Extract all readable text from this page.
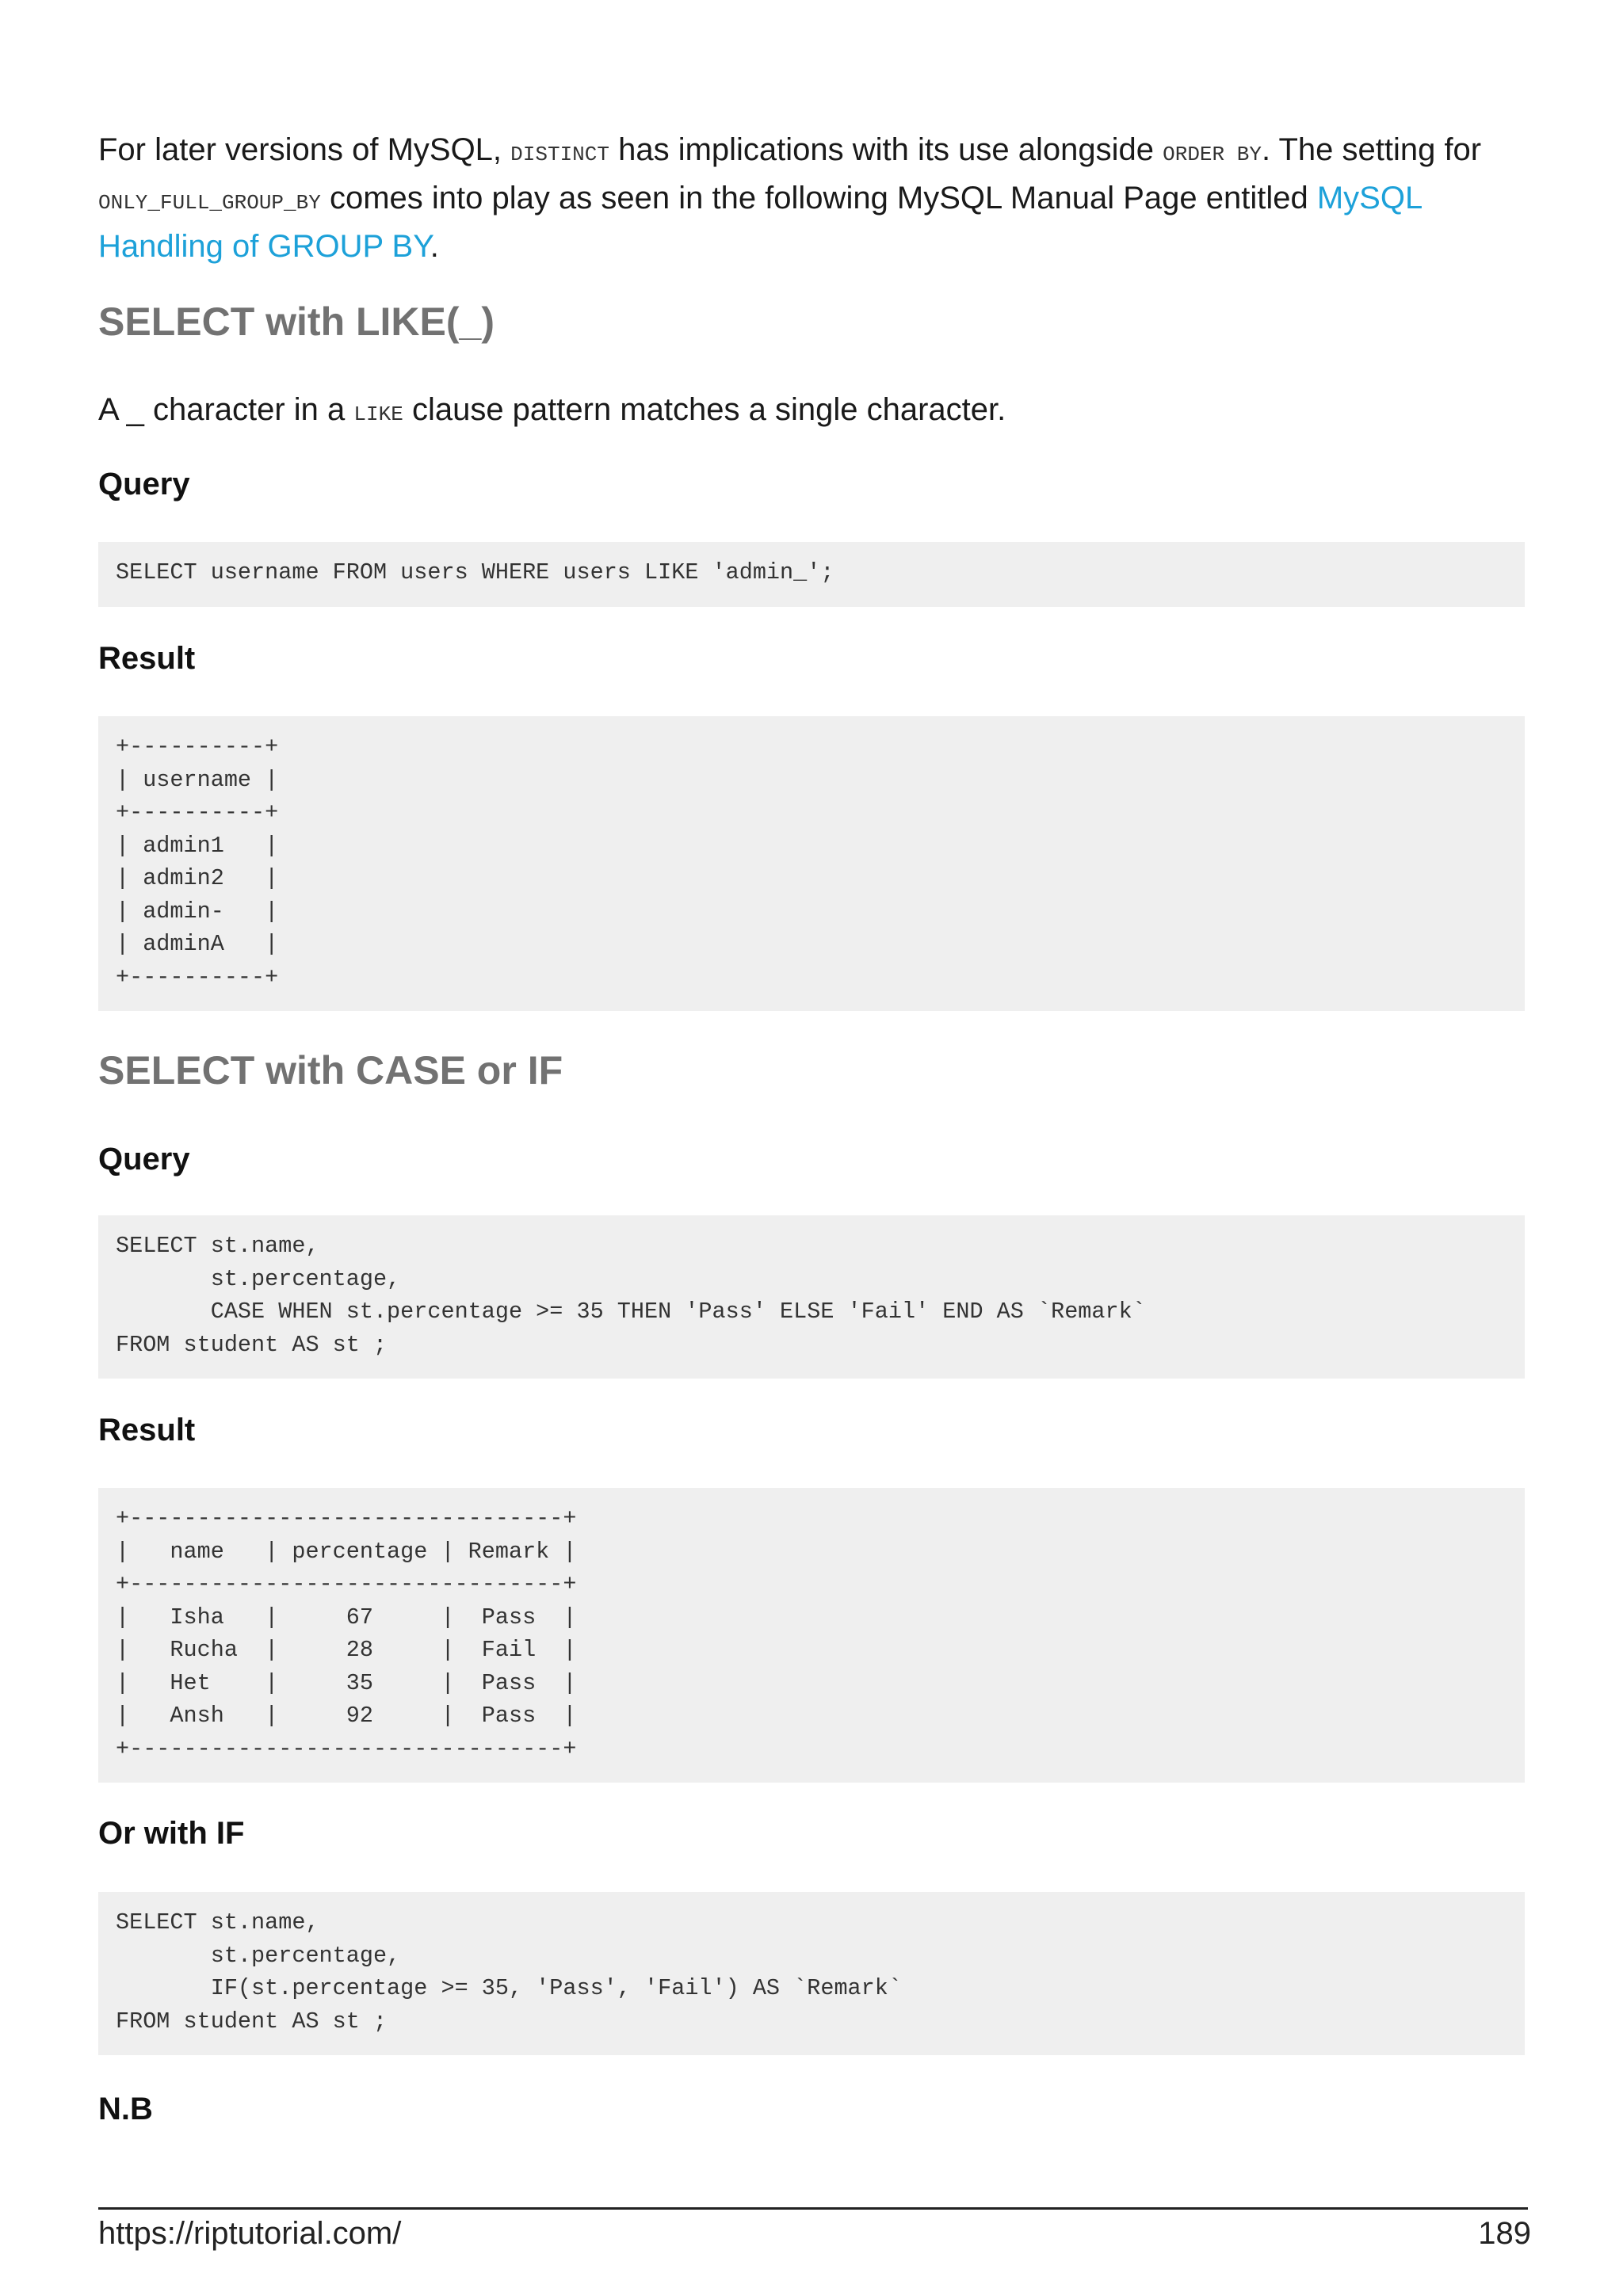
For later versions of MySQL, DISTINCT has implications with its use alongside ORDER BY. The setting for ONLY_FULL_GROUP_BY comes into play as seen in the following MySQL Manual Page entitled MySQL Handling of GROUP BY.

SELECT with LIKE(_)

A _ character in a LIKE clause pattern matches a single character.

Query
SELECT username FROM users WHERE users LIKE 'admin_';
Result
+----------+
| username |
+----------+
| admin1   |
| admin2   |
| admin-   |
| adminA   |
+----------+
SELECT with CASE or IF
Query
SELECT st.name,
st.percentage,
CASE WHEN st.percentage >= 35 THEN 'Pass' ELSE 'Fail' END AS `Remark`
FROM student AS st ;
Result
+--------------------------------+
|   name   | percentage | Remark |
+--------------------------------+
|   Isha   |     67     |  Pass  |
|   Rucha  |     28     |  Fail  |
|   Het    |     35     |  Pass  |
|   Ansh   |     92     |  Pass  |
+--------------------------------+
Or with IF
SELECT st.name,
st.percentage,
IF(st.percentage >= 35, 'Pass', 'Fail') AS `Remark`
FROM student AS st ;
N.B
https://riptutorial.com/	189
